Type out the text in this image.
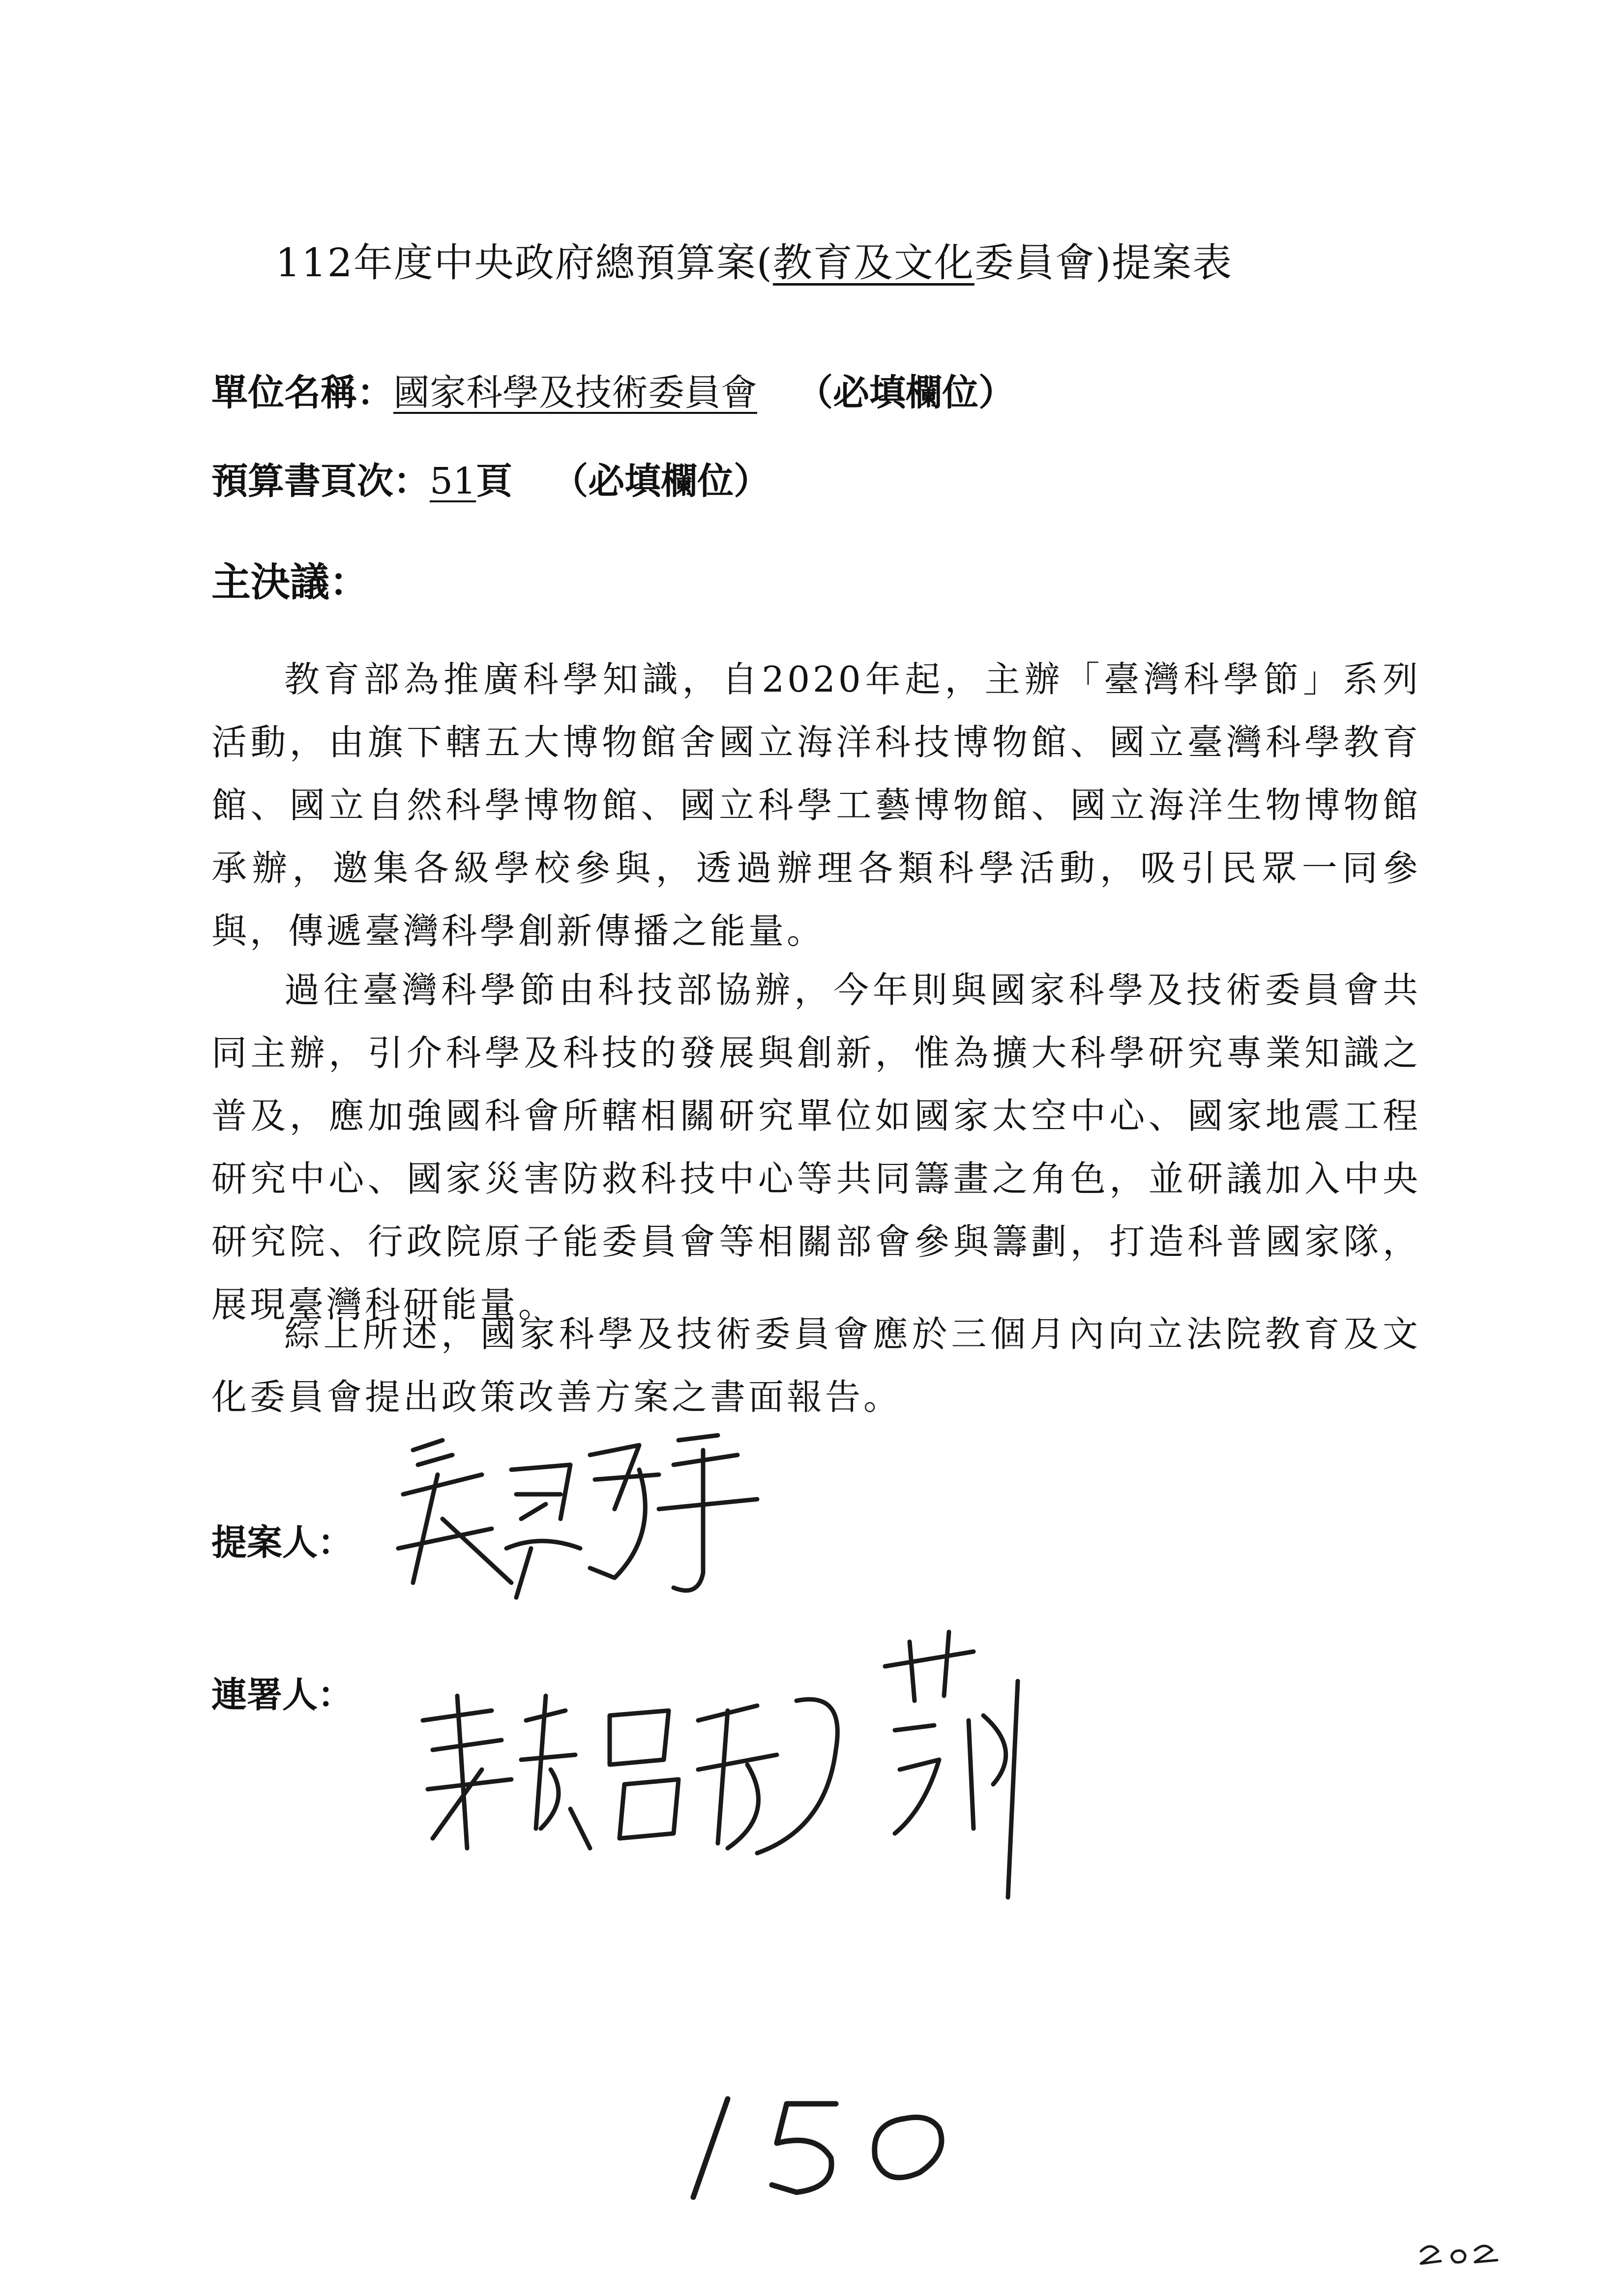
112年度中央政府總預算案(教育及文化委員會)提案表
單位名稱：國家科學及技術委員會 （必填欄位）
預算書頁次：51頁 （必填欄位）
主決議：

教育部為推廣科學知識，自2020年起，主辦「臺灣科學節」系列活動，由旗下轄五大博物館舍國立海洋科技博物館、國立臺灣科學教育館、國立自然科學博物館、國立科學工藝博物館、國立海洋生物博物館承辦，邀集各級學校參與，透過辦理各類科學活動，吸引民眾一同參與，傳遞臺灣科學創新傳播之能量。

過往臺灣科學節由科技部協辦，今年則與國家科學及技術委員會共同主辦，引介科學及科技的發展與創新，惟為擴大科學研究專業知識之普及，應加強國科會所轄相關研究單位如國家太空中心、國家地震工程研究中心、國家災害防救科技中心等共同籌畫之角色，並研議加入中央研究院、行政院原子能委員會等相關部會參與籌劃，打造科普國家隊，展現臺灣科研能量。

綜上所述，國家科學及技術委員會應於三個月內向立法院教育及文化委員會提出政策改善方案之書面報告。

提案人：
連署人：
